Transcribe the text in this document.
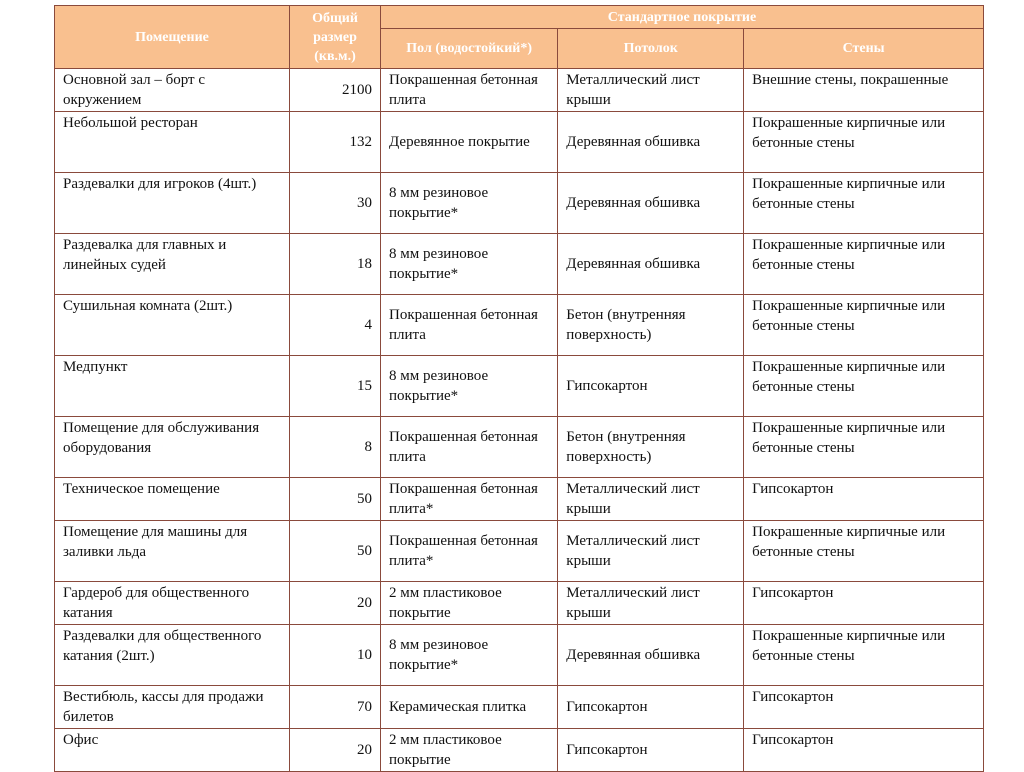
Помещение	Общий размер (кв.м.)	Стандартное покрытие		
		Пол (водостойкий*)	Потолок	Стены
Основной зал – борт с окружением	2100	Покрашенная бетонная плита	Металлический лист крыши	Внешние стены, покрашенные
Небольшой ресторан	132	Деревянное покрытие	Деревянная обшивка	Покрашенные кирпичные или бетонные стены
Раздевалки для игроков (4шт.)	30	8 мм резиновое покрытие*	Деревянная обшивка	Покрашенные кирпичные или бетонные стены
Раздевалка для главных и линейных судей	18	8 мм резиновое покрытие*	Деревянная обшивка	Покрашенные кирпичные или бетонные стены
Сушильная комната (2шт.)	4	Покрашенная бетонная плита	Бетон (внутренняя поверхность)	Покрашенные кирпичные или бетонные стены
Медпункт	15	8 мм резиновое покрытие*	Гипсокартон	Покрашенные кирпичные или бетонные стены
Помещение для обслуживания оборудования	8	Покрашенная бетонная плита	Бетон (внутренняя поверхность)	Покрашенные кирпичные или бетонные стены
Техническое помещение	50	Покрашенная бетонная плита*	Металлический лист крыши	Гипсокартон
Помещение для машины для заливки льда	50	Покрашенная бетонная плита*	Металлический лист крыши	Покрашенные кирпичные или бетонные стены
Гардероб для общественного катания	20	2 мм пластиковое покрытие	Металлический лист крыши	Гипсокартон
Раздевалки для общественного катания (2шт.)	10	8 мм резиновое покрытие*	Деревянная обшивка	Покрашенные кирпичные или бетонные стены
Вестибюль, кассы для продажи билетов	70	Керамическая плитка	Гипсокартон	Гипсокартон
Офис	20	2 мм пластиковое покрытие	Гипсокартон	Гипсокартон
